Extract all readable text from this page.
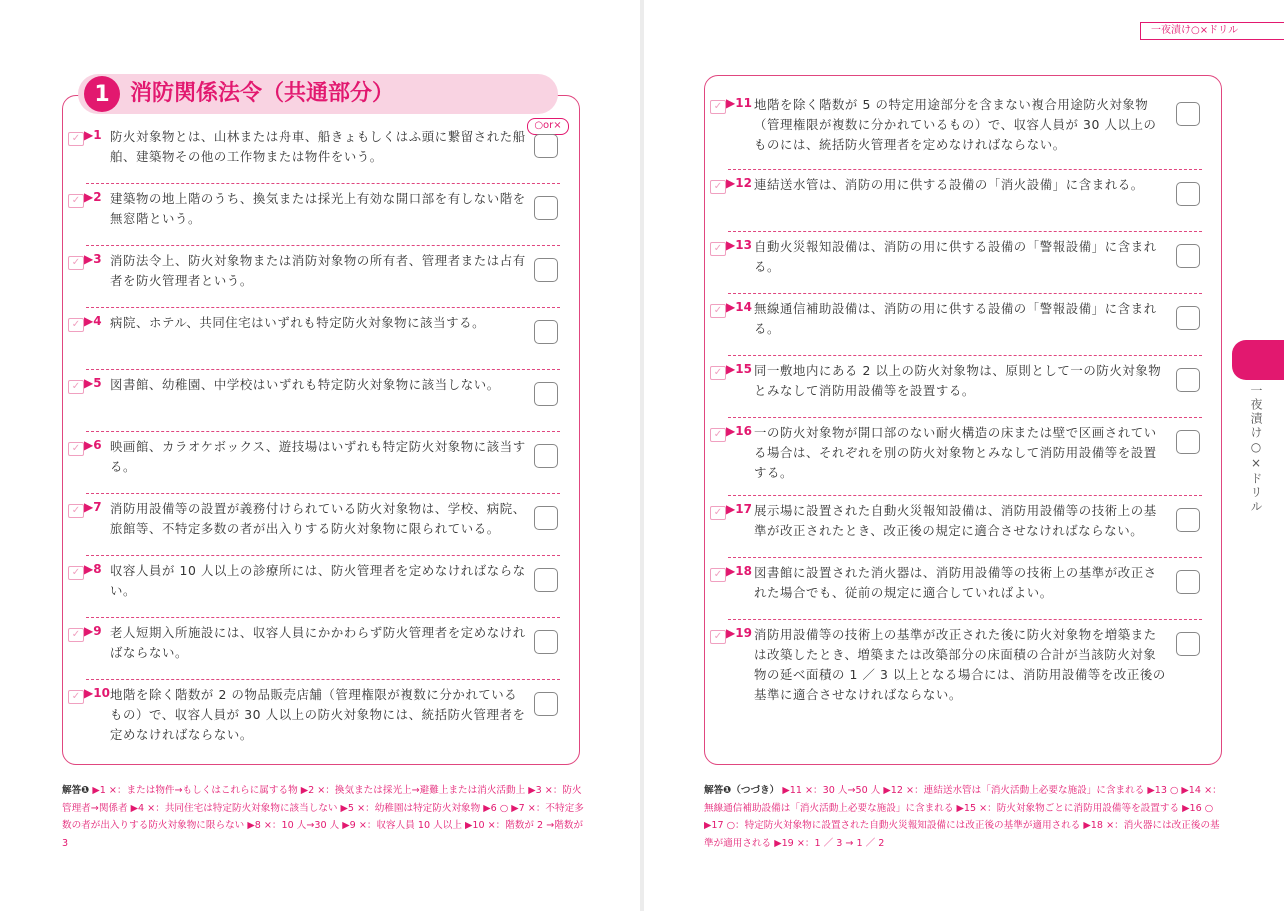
1 消防関係法令（共通部分）
○or×
✓ ▶1 防火対象物とは、山林または舟車、船きょもしくはふ頭に繋留された船舶、建築物その他の工作物または物件をいう。
✓ ▶2 建築物の地上階のうち、換気または採光上有効な開口部を有しない階を無窓階という。
✓ ▶3 消防法令上、防火対象物または消防対象物の所有者、管理者または占有者を防火管理者という。
✓ ▶4 病院、ホテル、共同住宅はいずれも特定防火対象物に該当する。
✓ ▶5 図書館、幼稚園、中学校はいずれも特定防火対象物に該当しない。
✓ ▶6 映画館、カラオケボックス、遊技場はいずれも特定防火対象物に該当する。
✓ ▶7 消防用設備等の設置が義務付けられている防火対象物は、学校、病院、旅館等、不特定多数の者が出入りする防火対象物に限られている。
✓ ▶8 収容人員が 10 人以上の診療所には、防火管理者を定めなければならない。
✓ ▶9 老人短期入所施設には、収容人員にかかわらず防火管理者を定めなければならない。
✓ ▶10 地階を除く階数が 2 の物品販売店舗（管理権限が複数に分かれているもの）で、収容人員が 30 人以上の防火対象物には、統括防火管理者を定めなければならない。
解答❶ ▶1 ×：または物件→もしくはこれらに属する物 ▶2 ×：換気または採光上→避難上または消火活動上 ▶3 ×：防火管理者→関係者 ▶4 ×：共同住宅は特定防火対象物に該当しない ▶5 ×：幼稚園は特定防火対象物 ▶6 ○ ▶7 ×：不特定多数の者が出入りする防火対象物に限らない ▶8 ×：10 人→30 人 ▶9 ×：収容人員 10 人以上 ▶10 ×：階数が 2 →階数が 3
一夜漬け○×ドリル
✓ ▶11 地階を除く階数が 5 の特定用途部分を含まない複合用途防火対象物（管理権限が複数に分かれているもの）で、収容人員が 30 人以上のものには、統括防火管理者を定めなければならない。
✓ ▶12 連結送水管は、消防の用に供する設備の「消火設備」に含まれる。
✓ ▶13 自動火災報知設備は、消防の用に供する設備の「警報設備」に含まれる。
✓ ▶14 無線通信補助設備は、消防の用に供する設備の「警報設備」に含まれる。
✓ ▶15 同一敷地内にある 2 以上の防火対象物は、原則として一の防火対象物とみなして消防用設備等を設置する。
✓ ▶16 一の防火対象物が開口部のない耐火構造の床または壁で区画されている場合は、それぞれを別の防火対象物とみなして消防用設備等を設置する。
✓ ▶17 展示場に設置された自動火災報知設備は、消防用設備等の技術上の基準が改正されたとき、改正後の規定に適合させなければならない。
✓ ▶18 図書館に設置された消火器は、消防用設備等の技術上の基準が改正された場合でも、従前の規定に適合していればよい。
✓ ▶19 消防用設備等の技術上の基準が改正された後に防火対象物を増築または改築したとき、増築または改築部分の床面積の合計が当該防火対象物の延べ面積の 1 ／ 3 以上となる場合には、消防用設備等を改正後の基準に適合させなければならない。
一夜漬け○×ドリル
解答❶（つづき） ▶11 ×：30 人→50 人 ▶12 ×：連結送水管は「消火活動上必要な施設」に含まれる ▶13 ○ ▶14 ×：無線通信補助設備は「消火活動上必要な施設」に含まれる ▶15 ×：防火対象物ごとに消防用設備等を設置する ▶16 ○ ▶17 ○：特定防火対象物に設置された自動火災報知設備には改正後の基準が適用される ▶18 ×：消火器には改正後の基準が適用される ▶19 ×：1 ／ 3 → 1 ／ 2
